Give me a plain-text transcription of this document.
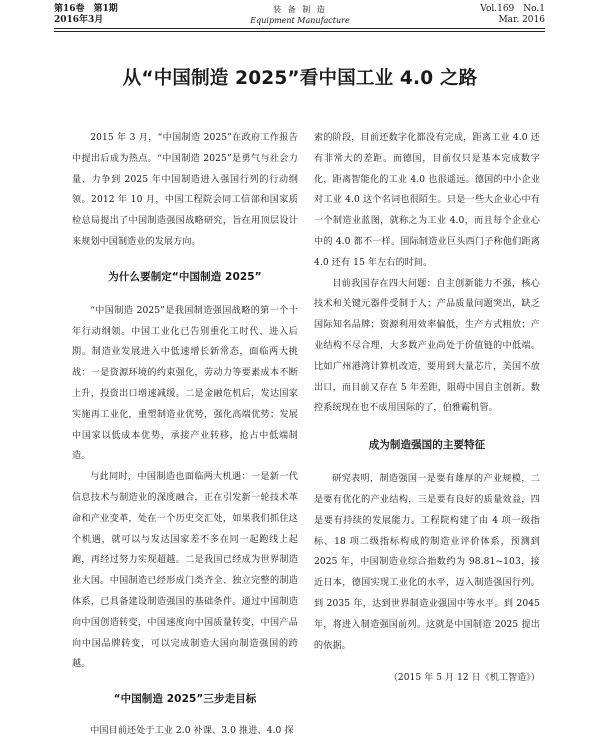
第16卷　第1期
2016年3月
装 备 制 造
Equipment Manufacture
Vol.169　No.1
Mar. 2016
从“中国制造 2025”看中国工业 4.0 之路

2015 年 3 月，“中国制造 2025”在政府工作报告中提出后成为热点。“中国制造 2025”是勇气与社会力量、力争到 2025 年中国制造进入强国行列的行动纲领。2012 年 10 月，中国工程院会同工信部和国家质检总局提出了中国制造强国战略研究，旨在用顶层设计来规划中国制造业的发展方向。

为什么要制定“中国制造 2025”

“中国制造 2025”是我国制造强国战略的第一个十年行动纲领。中国工业化已告别重化工时代、进入后期。制造业发展进入中低速增长新常态，面临两大挑战：一是资源环境的约束强化，劳动力等要素成本不断上升，投资出口增速减缓。二是金融危机后，发达国家实施再工业化，重塑制造业优势，强化高端优势；发展中国家以低成本优势，承接产业转移，抢占中低端制造。

与此同时，中国制造也面临两大机遇：一是新一代信息技术与制造业的深度融合，正在引发新一轮技术革命和产业变革，处在一个历史交汇处，如果我们抓住这个机遇，就可以与发达国家差不多在同一起跑线上起跑，再经过努力实现超越。二是我国已经成为世界制造业大国。中国制造已经形成门类齐全、独立完整的制造体系，已具备建设制造强国的基础条件。通过中国制造向中国创造转变，中国速度向中国质量转变，中国产品向中国品牌转变，可以完成制造大国向制造强国的跨越。

“中国制造 2025”三步走目标

中国目前还处于工业 2.0 补课、3.0 推进、4.0 探

索的阶段，目前还数字化都没有完成，距离工业 4.0 还有非常大的差距。而德国，目前仅只是基本完成数字化，距离智能化的工业 4.0 也很遥远。德国的中小企业对工业 4.0 这个名词也很陌生。只是一些大企业心中有一个制造业蓝图，就称之为工业 4.0，而且每个企业心中的 4.0 都不一样。国际制造业巨头西门子称他们距离 4.0 还有 15 年左右的时间。

目前我国存在四大问题：自主创新能力不强，核心技术和关键元器件受制于人；产品质量问题突出，缺乏国际知名品牌；资源利用效率偏低，生产方式粗放；产业结构不尽合理，大多数产业尚处于价值链的中低端。比如广州港湾计算机改造，要用到大量芯片，美国不放出口，而目前又存在 5 年差距，阻碍中国自主创新。数控系统现在也不成用国际的了，伯雅霸机管。

成为制造强国的主要特征

研究表明，制造强国一是要有雄厚的产业规模，二是要有优化的产业结构，三是要有良好的质量效益，四是要有持续的发展能力。工程院构建了由 4 项一级指标、18 项二级指标构成的制造业评价体系，预测到 2025 年，中国制造业综合指数约为 98.81~103，接近日本，德国实现工业化的水平，迈入制造强国行列。到 2035 年，达到世界制造业强国中等水平。到 2045 年，将进入制造强国前列。这就是中国制造 2025 提出的依据。

（2015 年 5 月 12 日《机工智造》）
